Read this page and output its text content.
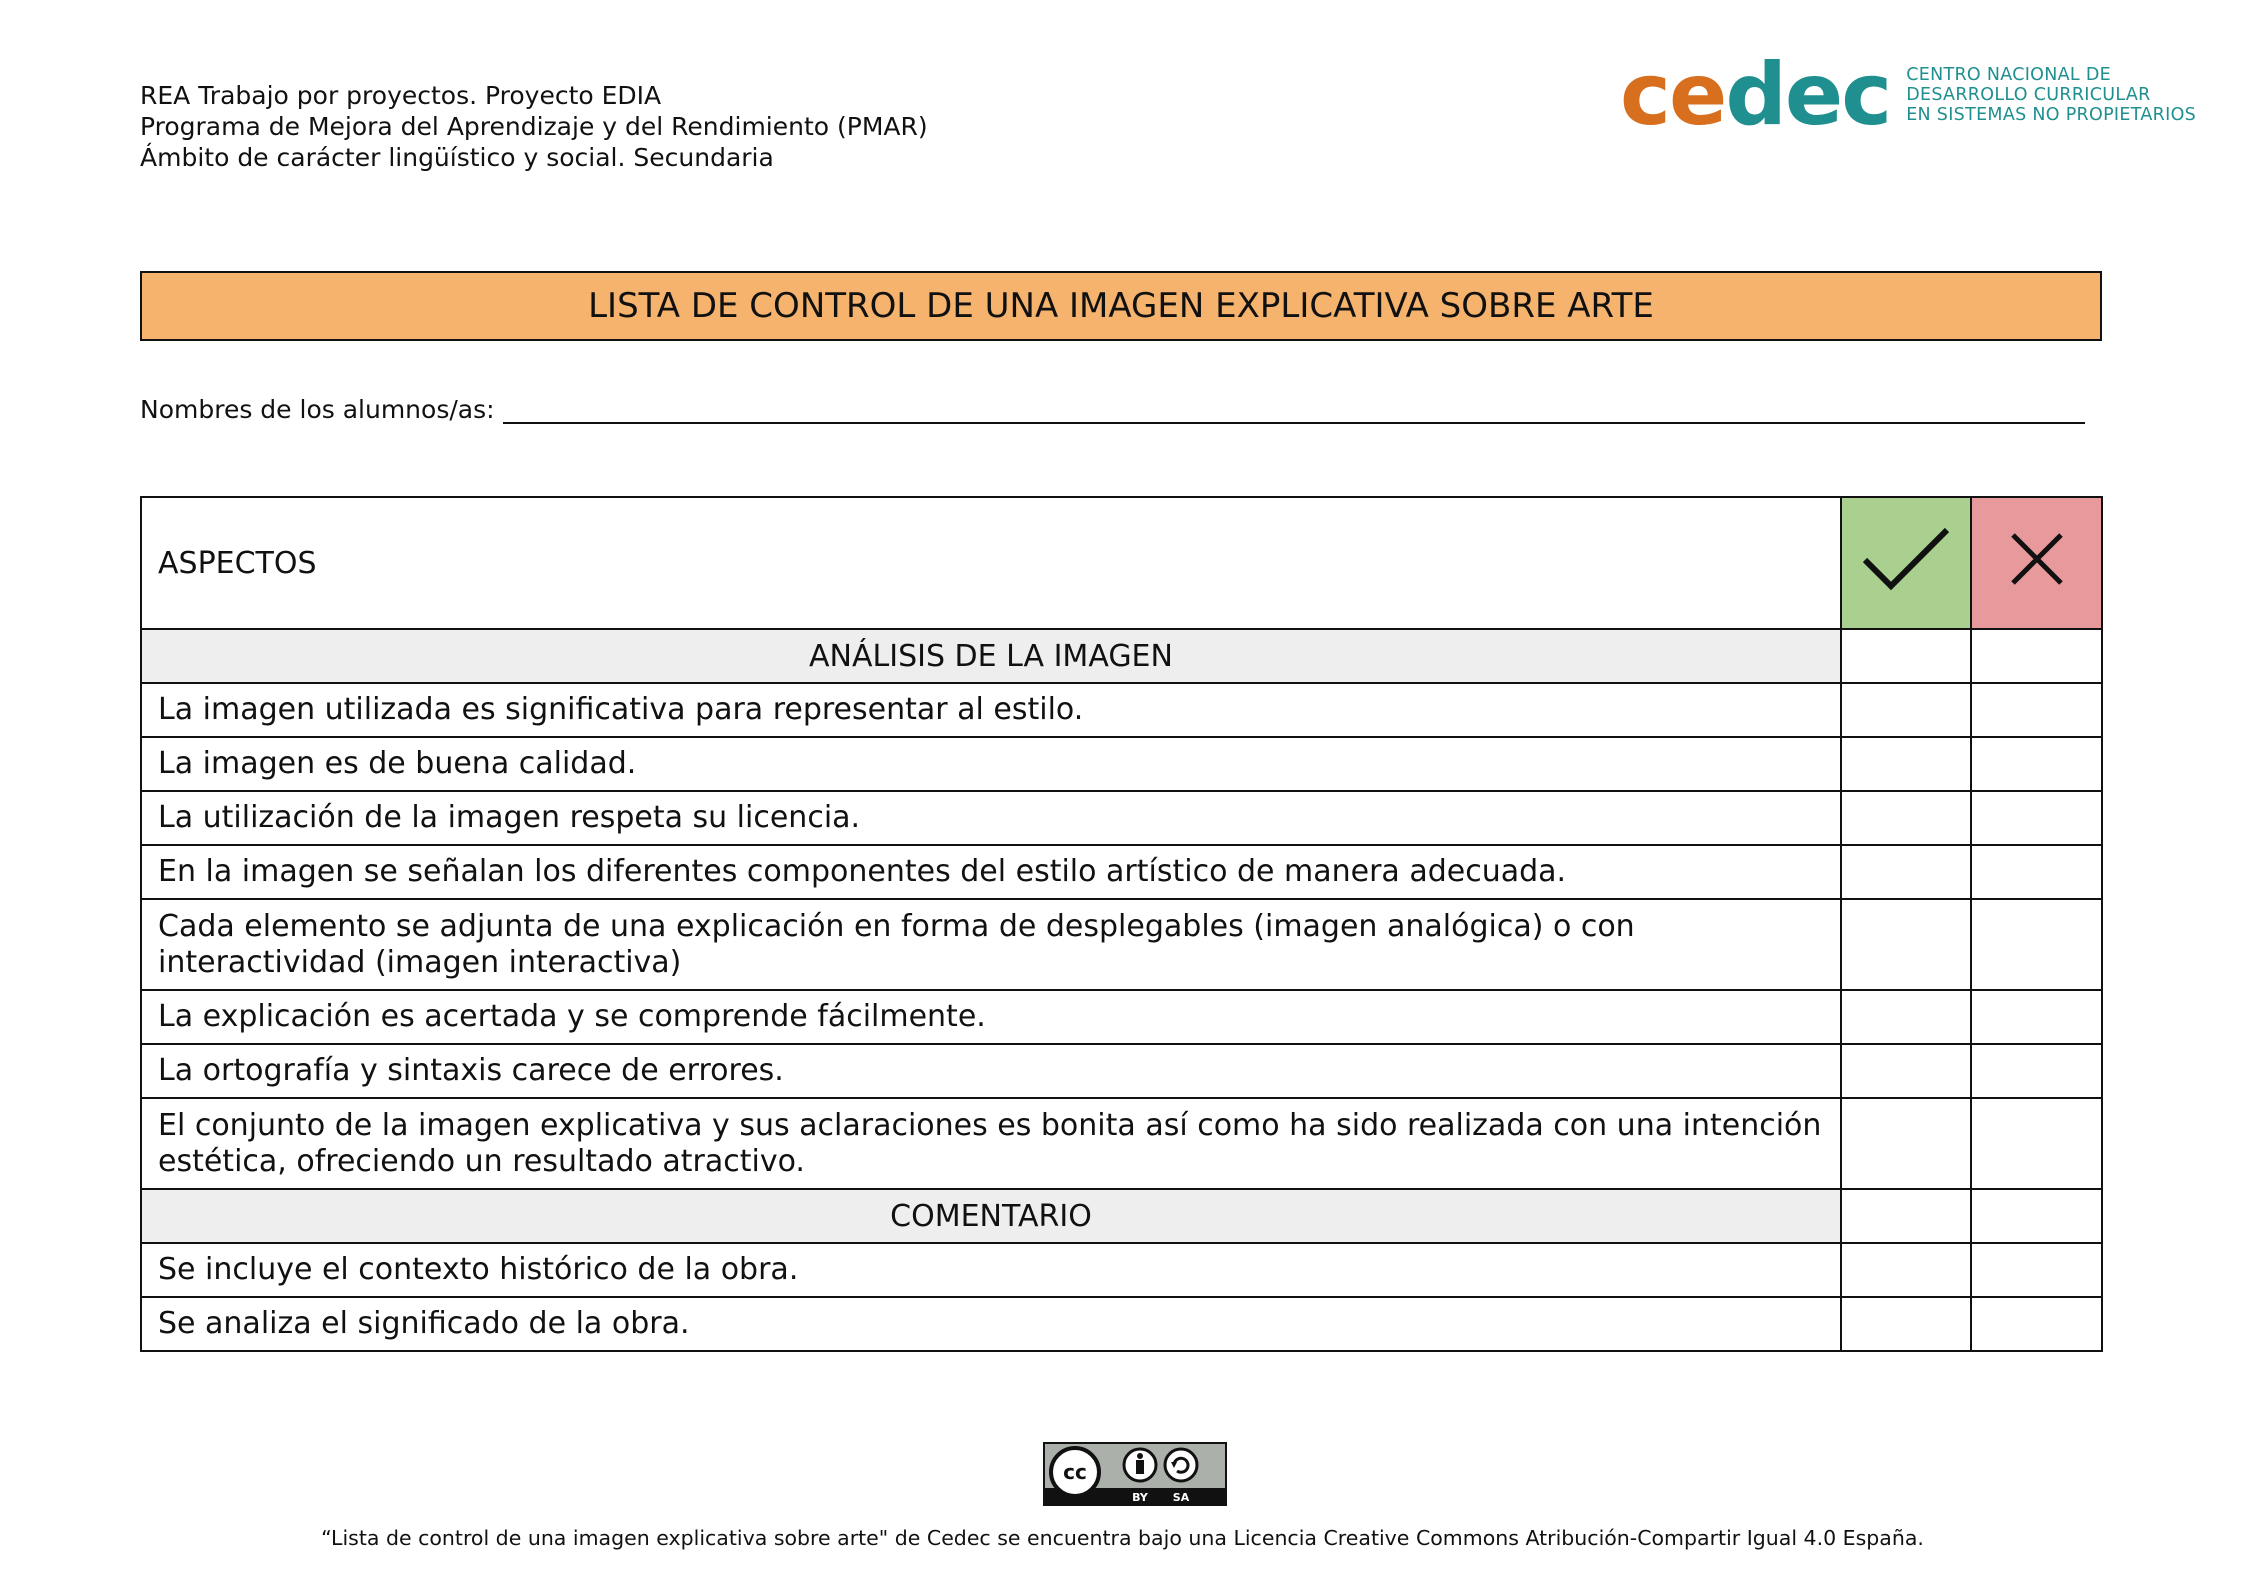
REA Trabajo por proyectos. Proyecto EDIA
Programa de Mejora del Aprendizaje y del Rendimiento (PMAR)
Ámbito de carácter lingüístico y social. Secundaria
cedec CENTRO NACIONAL DE
DESARROLLO CURRICULAR
EN SISTEMAS NO PROPIETARIOS
LISTA DE CONTROL DE UNA IMAGEN EXPLICATIVA SOBRE ARTE
Nombres de los alumnos/as:
ASPECTOS		
ANÁLISIS DE LA IMAGEN		
La imagen utilizada es significativa para representar al estilo.		
La imagen es de buena calidad.		
La utilización de la imagen respeta su licencia.		
En la imagen se señalan los diferentes componentes del estilo artístico de manera adecuada.		
Cada elemento se adjunta de una explicación en forma de desplegables (imagen analógica) o con interactividad (imagen interactiva)		
La explicación es acertada y se comprende fácilmente.		
La ortografía y sintaxis carece de errores.		
El conjunto de la imagen explicativa y sus aclaraciones es bonita así como ha sido realizada con una intención estética, ofreciendo un resultado atractivo.		
COMENTARIO		
Se incluye el contexto histórico de la obra.		
Se analiza el significado de la obra.		
cc
BY SA
“Lista de control de una imagen explicativa sobre arte" de Cedec se encuentra bajo una Licencia Creative Commons Atribución-Compartir Igual 4.0 España.
